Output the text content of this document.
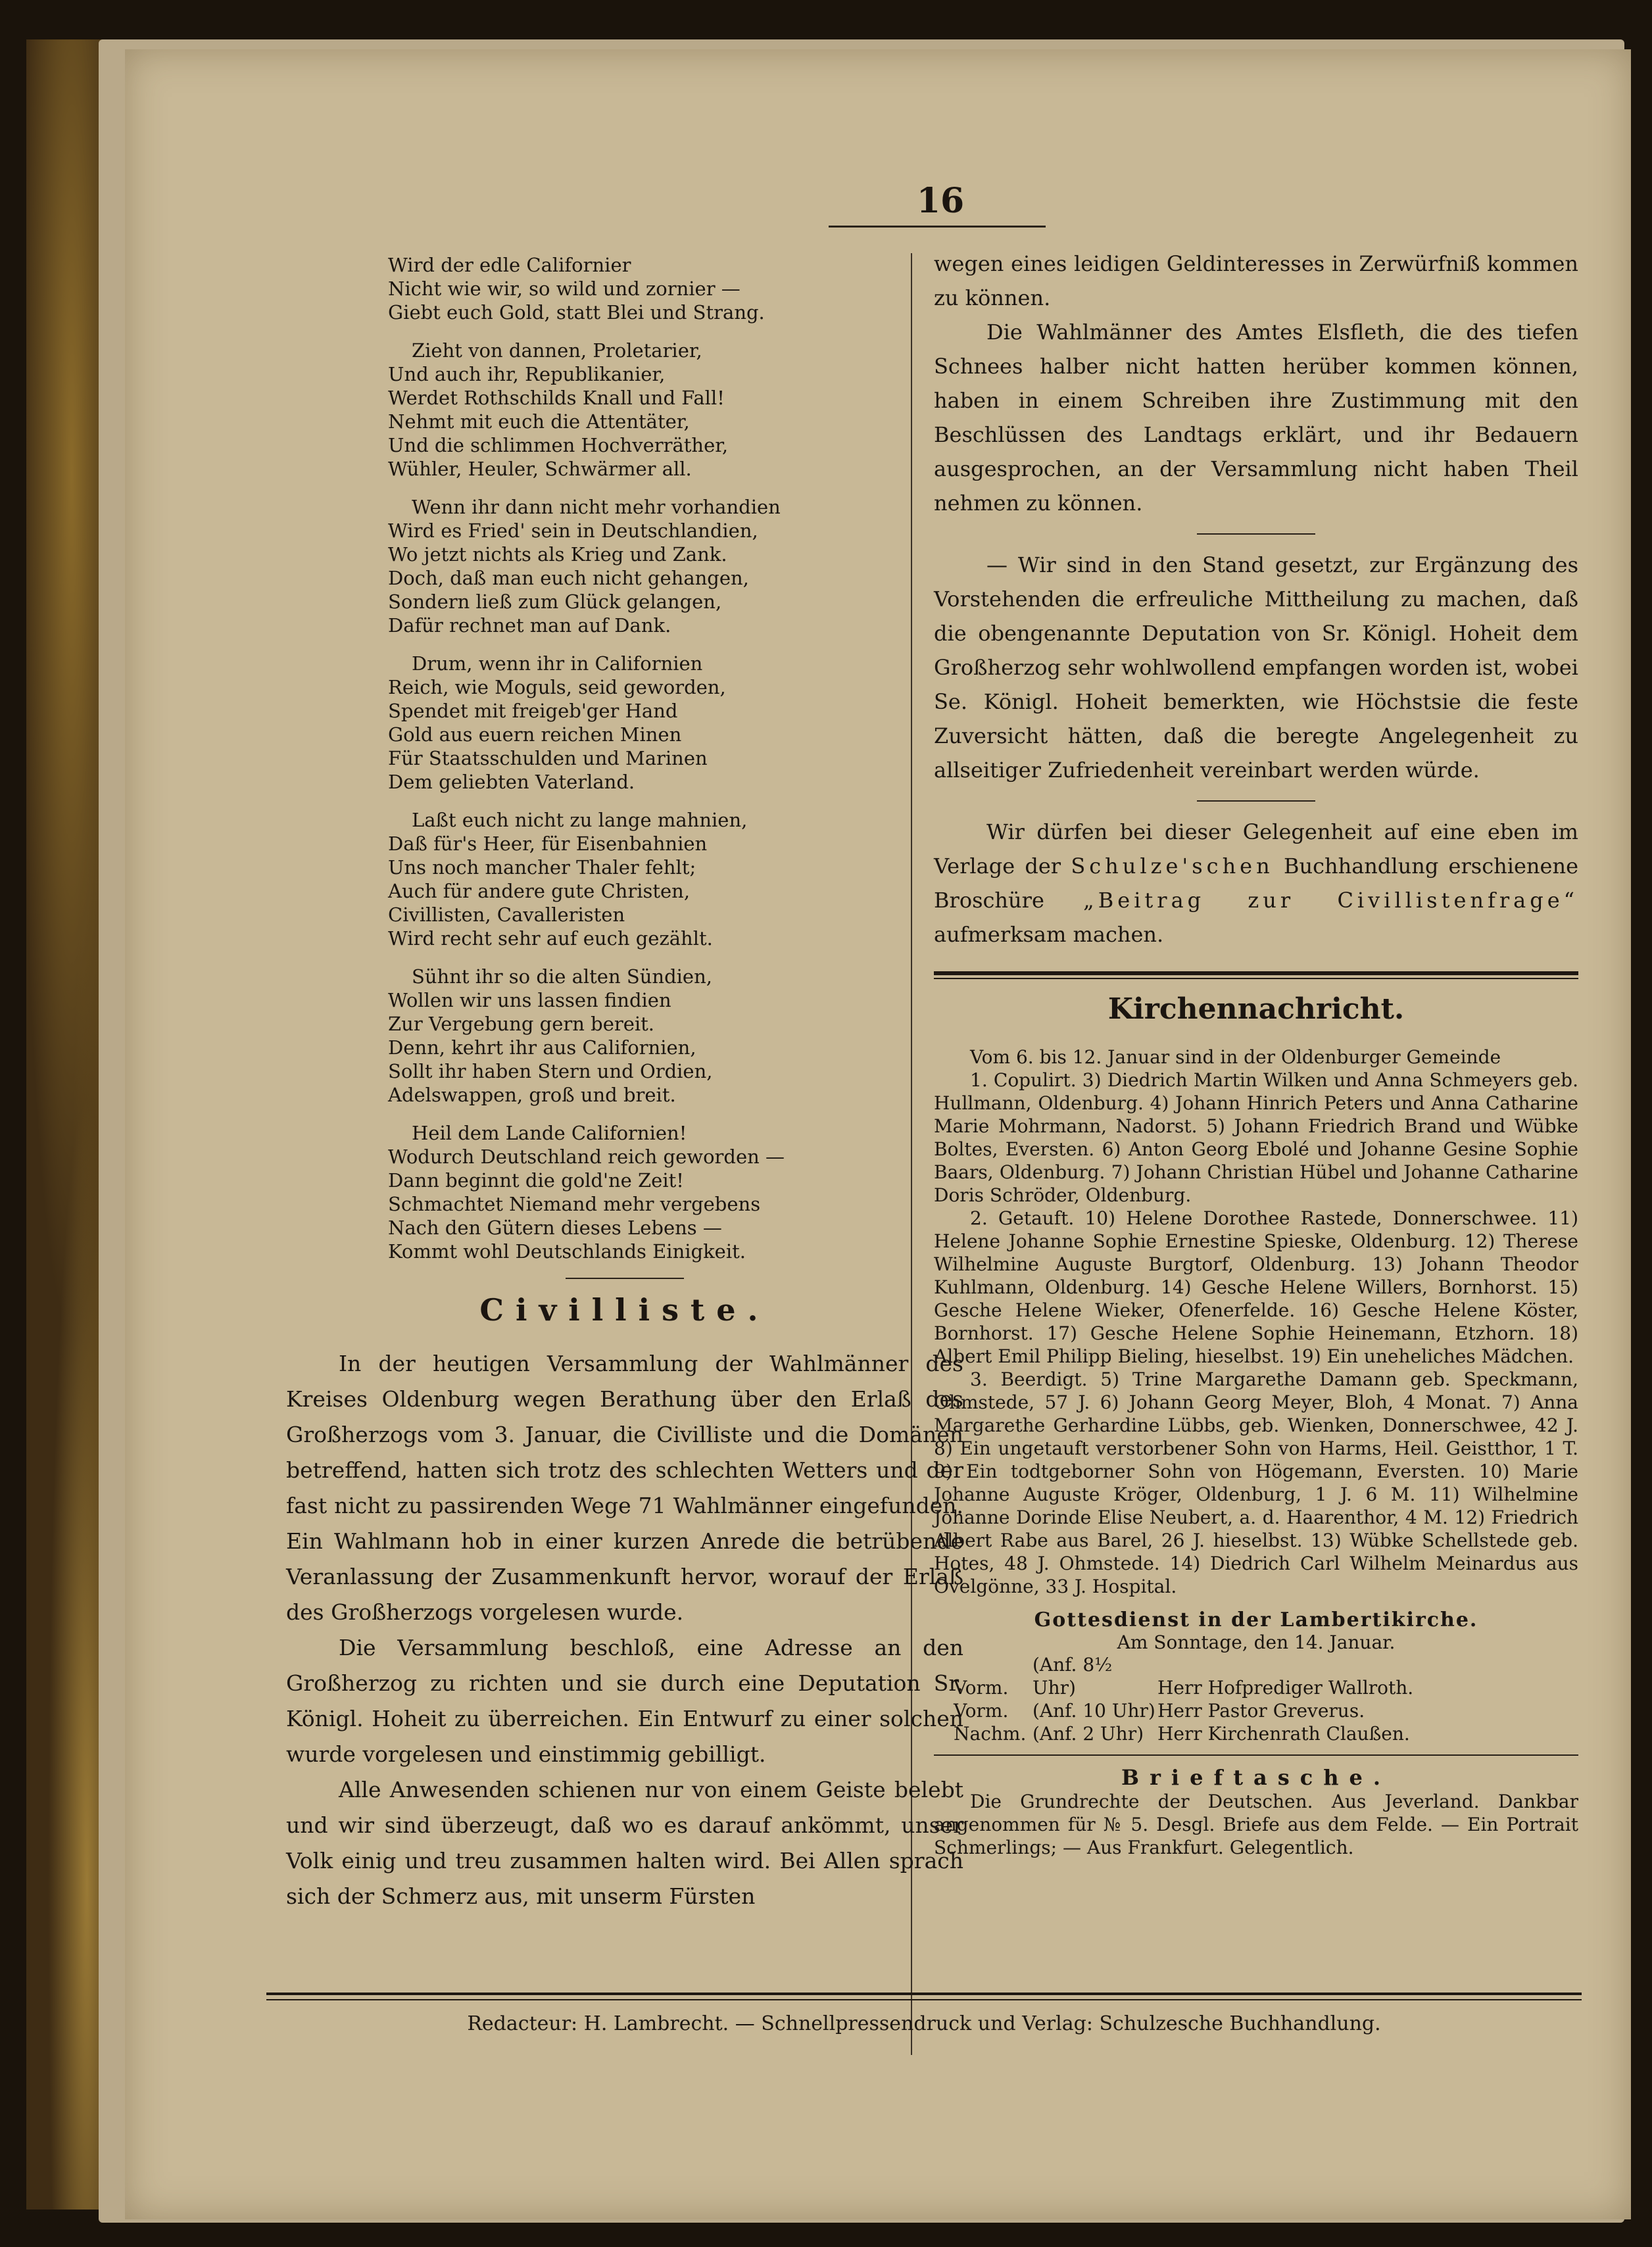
16
Wird der edle Californier
Nicht wie wir, so wild und zornier —
Giebt euch Gold, statt Blei und Strang.
Zieht von dannen, Proletarier,
Und auch ihr, Republikanier,
Werdet Rothschilds Knall und Fall!
Nehmt mit euch die Attentäter,
Und die schlimmen Hochverräther,
Wühler, Heuler, Schwärmer all.
Wenn ihr dann nicht mehr vorhandien
Wird es Fried' sein in Deutschlandien,
Wo jetzt nichts als Krieg und Zank.
Doch, daß man euch nicht gehangen,
Sondern ließ zum Glück gelangen,
Dafür rechnet man auf Dank.
Drum, wenn ihr in Californien
Reich, wie Moguls, seid geworden,
Spendet mit freigeb'ger Hand
Gold aus euern reichen Minen
Für Staatsschulden und Marinen
Dem geliebten Vaterland.
Laßt euch nicht zu lange mahnien,
Daß für's Heer, für Eisenbahnien
Uns noch mancher Thaler fehlt;
Auch für andere gute Christen,
Civillisten, Cavalleristen
Wird recht sehr auf euch gezählt.
Sühnt ihr so die alten Sündien,
Wollen wir uns lassen findien
Zur Vergebung gern bereit.
Denn, kehrt ihr aus Californien,
Sollt ihr haben Stern und Ordien,
Adelswappen, groß und breit.
Heil dem Lande Californien!
Wodurch Deutschland reich geworden —
Dann beginnt die gold'ne Zeit!
Schmachtet Niemand mehr vergebens
Nach den Gütern dieses Lebens —
Kommt wohl Deutschlands Einigkeit.
Civilliste.

In der heutigen Versammlung der Wahlmänner des Kreises Oldenburg wegen Berathung über den Erlaß des Großherzogs vom 3. Januar, die Civilliste und die Domänen betreffend, hatten sich trotz des schlechten Wetters und der fast nicht zu passirenden Wege 71 Wahlmänner eingefunden. Ein Wahlmann hob in einer kurzen Anrede die betrübende Veranlassung der Zusammenkunft hervor, worauf der Erlaß des Großherzogs vorgelesen wurde.

Die Versammlung beschloß, eine Adresse an den Großherzog zu richten und sie durch eine Deputation Sr. Königl. Hoheit zu überreichen. Ein Entwurf zu einer solchen wurde vorgelesen und einstimmig gebilligt.

Alle Anwesenden schienen nur von einem Geiste belebt und wir sind überzeugt, daß wo es darauf ankömmt, unser Volk einig und treu zusammen halten wird. Bei Allen sprach sich der Schmerz aus, mit unserm Fürsten

wegen eines leidigen Geldinteresses in Zerwürfniß kommen zu können.

Die Wahlmänner des Amtes Elsfleth, die des tiefen Schnees halber nicht hatten herüber kommen können, haben in einem Schreiben ihre Zustimmung mit den Beschlüssen des Landtags erklärt, und ihr Bedauern ausgesprochen, an der Versammlung nicht haben Theil nehmen zu können.

— Wir sind in den Stand gesetzt, zur Ergänzung des Vorstehenden die erfreuliche Mittheilung zu machen, daß die obengenannte Deputation von Sr. Königl. Hoheit dem Großherzog sehr wohlwollend empfangen worden ist, wobei Se. Königl. Hoheit bemerkten, wie Höchstsie die feste Zuversicht hätten, daß die beregte Angelegenheit zu allseitiger Zufriedenheit vereinbart werden würde.

Wir dürfen bei dieser Gelegenheit auf eine eben im Verlage der Schulze'schen Buchhandlung erschienene Broschüre „Beitrag zur Civillistenfrage“ aufmerksam machen.

Kirchennachricht.

Vom 6. bis 12. Januar sind in der Oldenburger Gemeinde

1. Copulirt. 3) Diedrich Martin Wilken und Anna Schmeyers geb. Hullmann, Oldenburg. 4) Johann Hinrich Peters und Anna Catharine Marie Mohrmann, Nadorst. 5) Johann Friedrich Brand und Wübke Boltes, Eversten. 6) Anton Georg Ebolé und Johanne Gesine Sophie Baars, Oldenburg. 7) Johann Christian Hübel und Johanne Catharine Doris Schröder, Oldenburg.

2. Getauft. 10) Helene Dorothee Rastede, Donnerschwee. 11) Helene Johanne Sophie Ernestine Spieske, Oldenburg. 12) Therese Wilhelmine Auguste Burgtorf, Oldenburg. 13) Johann Theodor Kuhlmann, Oldenburg. 14) Gesche Helene Willers, Bornhorst. 15) Gesche Helene Wieker, Ofenerfelde. 16) Gesche Helene Köster, Bornhorst. 17) Gesche Helene Sophie Heinemann, Etzhorn. 18) Albert Emil Philipp Bieling, hieselbst. 19) Ein uneheliches Mädchen.

3. Beerdigt. 5) Trine Margarethe Damann geb. Speckmann, Ohmstede, 57 J. 6) Johann Georg Meyer, Bloh, 4 Monat. 7) Anna Margarethe Gerhardine Lübbs, geb. Wienken, Donnerschwee, 42 J. 8) Ein ungetauft verstorbener Sohn von Harms, Heil. Geistthor, 1 T. 9) Ein todtgeborner Sohn von Högemann, Eversten. 10) Marie Johanne Auguste Kröger, Oldenburg, 1 J. 6 M. 11) Wilhelmine Johanne Dorinde Elise Neubert, a. d. Haarenthor, 4 M. 12) Friedrich Albert Rabe aus Barel, 26 J. hieselbst. 13) Wübke Schellstede geb. Hotes, 48 J. Ohmstede. 14) Diedrich Carl Wilhelm Meinardus aus Ovelgönne, 33 J. Hospital.

Gottesdienst in der Lambertikirche.
Am Sonntage, den 14. Januar.
Vorm.(Anf. 8½ Uhr)	Herr Hofprediger Wallroth.
Vorm. (Anf. 10 Uhr) Herr Pastor Greverus.
Nachm. (Anf. 2 Uhr) Herr Kirchenrath Claußen.
Brieftasche.

Die Grundrechte der Deutschen. Aus Jeverland. Dankbar angenommen für № 5. Desgl. Briefe aus dem Felde. — Ein Portrait Schmerlings; — Aus Frankfurt. Gelegentlich.

Redacteur: H. Lambrecht. — Schnellpressendruck und Verlag: Schulzesche Buchhandlung.
